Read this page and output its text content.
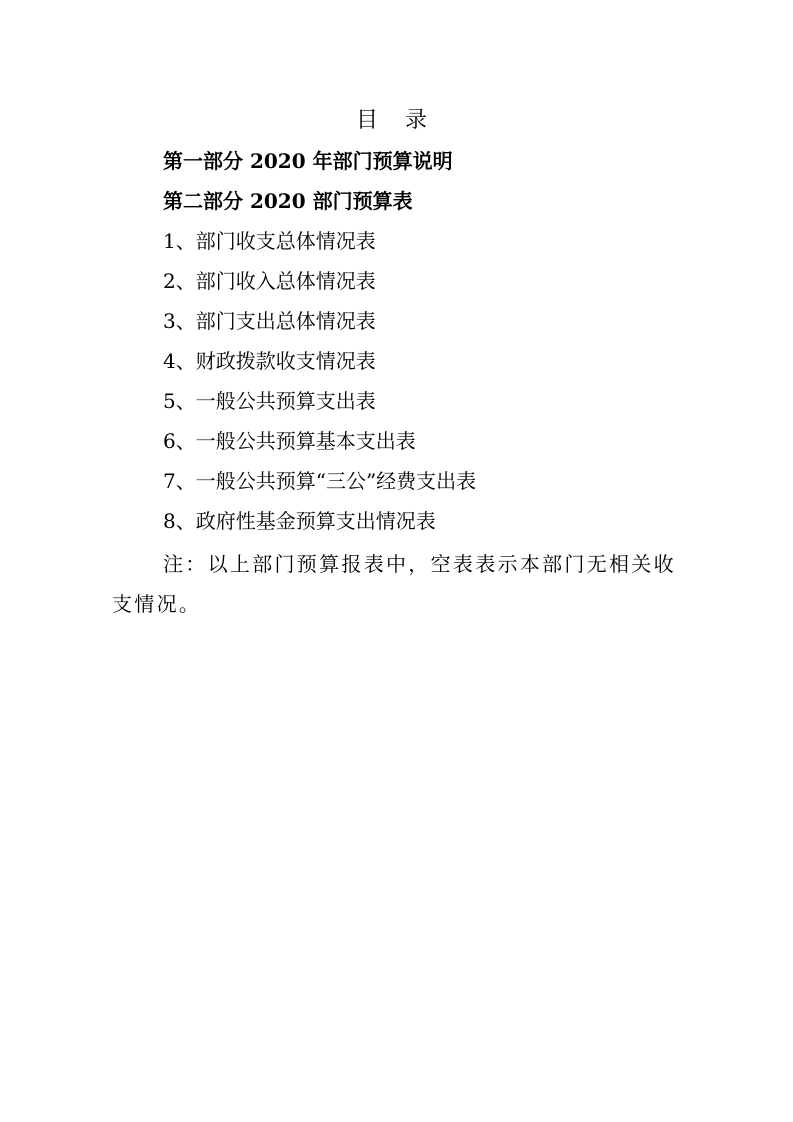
目 录
第一部分 2020 年部门预算说明
第二部分 2020 部门预算表
1、部门收支总体情况表
2、部门收入总体情况表
3、部门支出总体情况表
4、财政拨款收支情况表
5、一般公共预算支出表
6、一般公共预算基本支出表
7、一般公共预算“三公”经费支出表
8、政府性基金预算支出情况表
注：以上部门预算报表中，空表表示本部门无相关收支情况。
